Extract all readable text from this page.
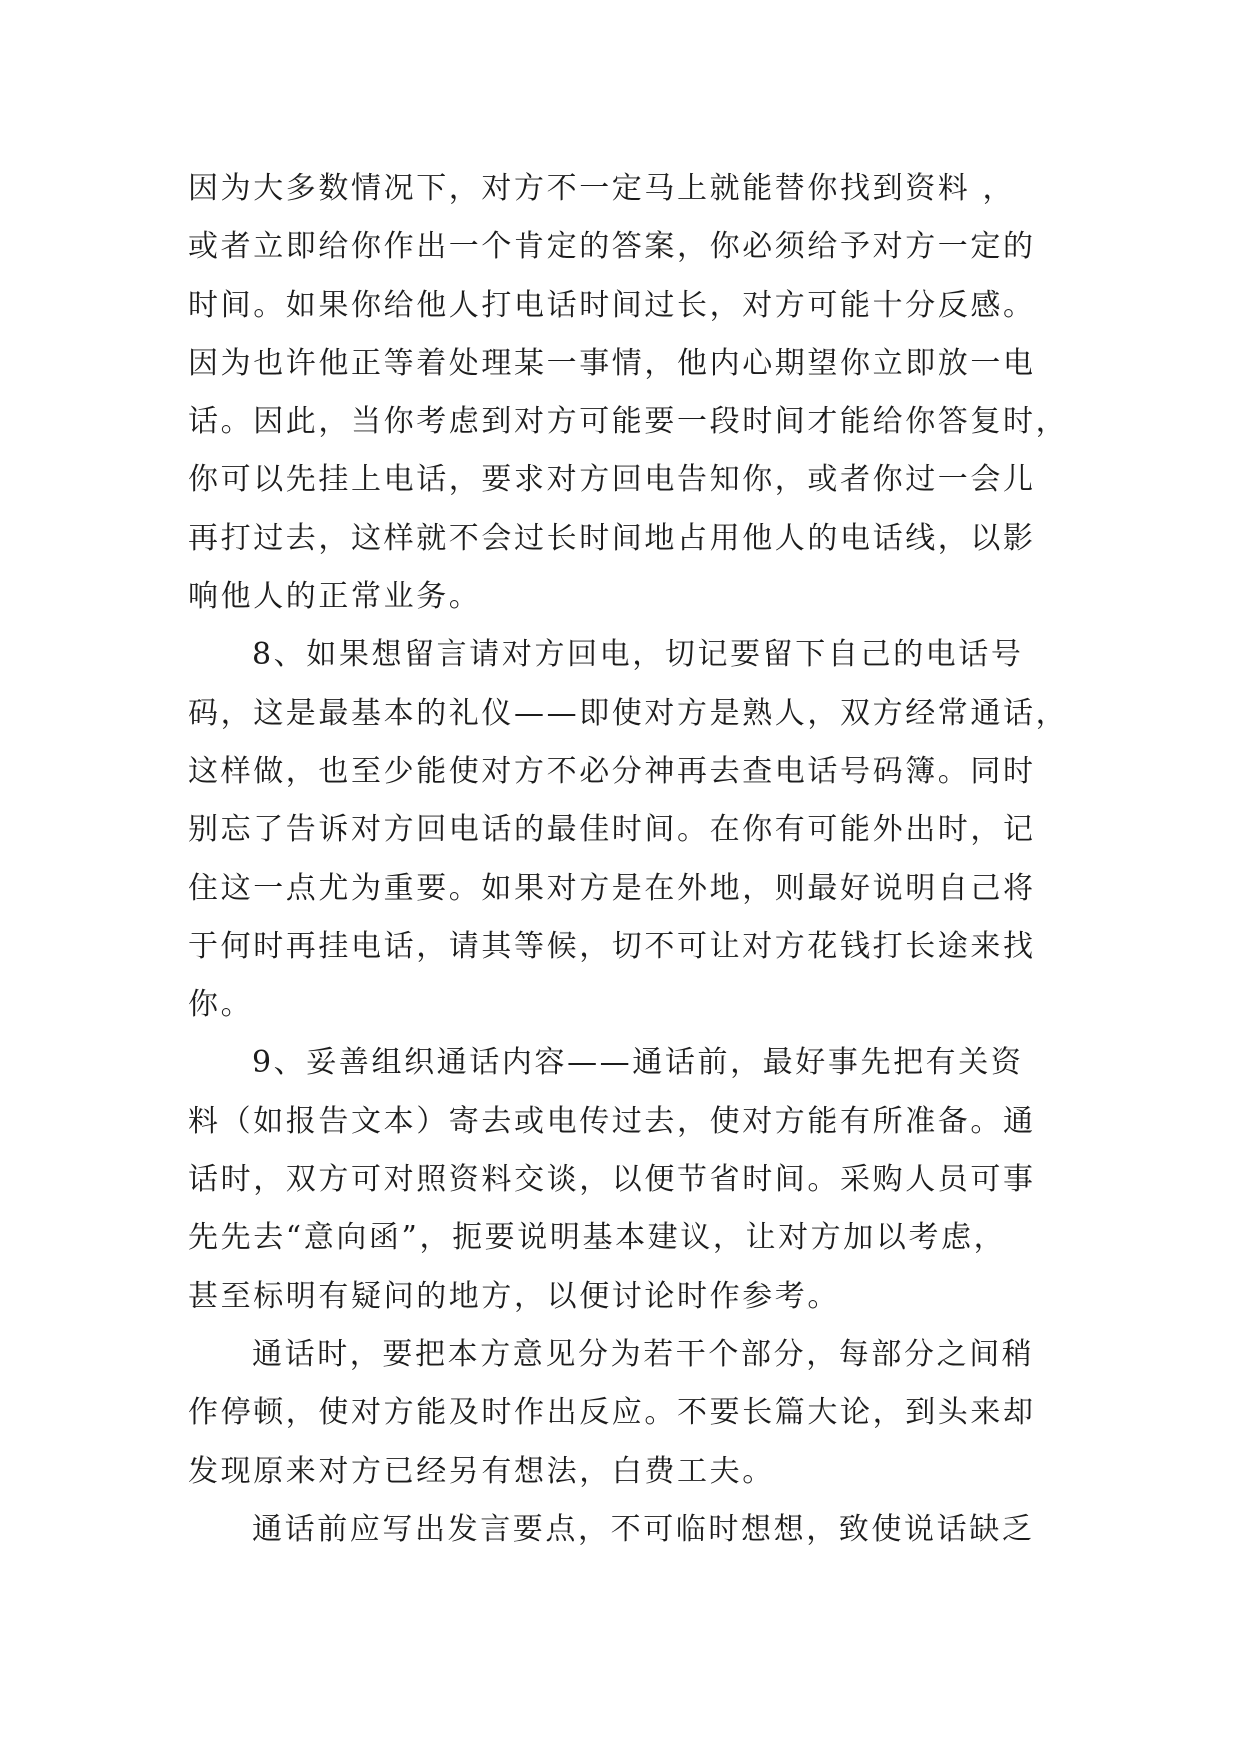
因为大多数情况下，对方不一定马上就能替你找到资料 ，
或者立即给你作出一个肯定的答案，你必须给予对方一定的
时间。如果你给他人打电话时间过长，对方可能十分反感。
因为也许他正等着处理某一事情，他内心期望你立即放一电
话。因此，当你考虑到对方可能要一段时间才能给你答复时，
你可以先挂上电话，要求对方回电告知你，或者你过一会儿
再打过去，这样就不会过长时间地占用他人的电话线，以影
响他人的正常业务。
8、如果想留言请对方回电，切记要留下自己的电话号
码，这是最基本的礼仪——即使对方是熟人，双方经常通话，
这样做，也至少能使对方不必分神再去查电话号码簿。同时
别忘了告诉对方回电话的最佳时间。在你有可能外出时，记
住这一点尤为重要。如果对方是在外地，则最好说明自己将
于何时再挂电话，请其等候，切不可让对方花钱打长途来找
你。
9、妥善组织通话内容——通话前，最好事先把有关资
料（如报告文本）寄去或电传过去，使对方能有所准备。通
话时，双方可对照资料交谈，以便节省时间。采购人员可事
先先去“意向函”，扼要说明基本建议，让对方加以考虑，
甚至标明有疑问的地方，以便讨论时作参考。
通话时，要把本方意见分为若干个部分，每部分之间稍
作停顿，使对方能及时作出反应。不要长篇大论，到头来却
发现原来对方已经另有想法，白费工夫。
通话前应写出发言要点，不可临时想想，致使说话缺乏
